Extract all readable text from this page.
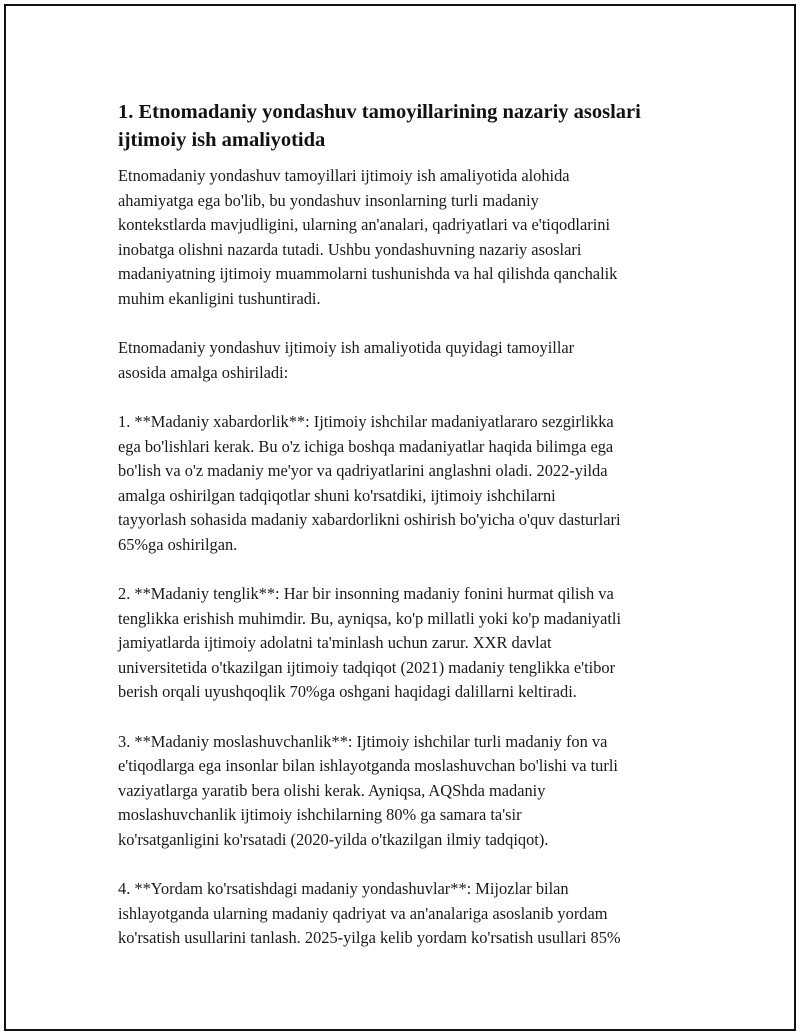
1. Etnomadaniy yondashuv tamoyillarining nazariy asoslari
ijtimoiy ish amaliyotida
Etnomadaniy yondashuv tamoyillari ijtimoiy ish amaliyotida alohida
ahamiyatga ega bo'lib, bu yondashuv insonlarning turli madaniy
kontekstlarda mavjudligini, ularning an'analari, qadriyatlari va e'tiqodlarini
inobatga olishni nazarda tutadi. Ushbu yondashuvning nazariy asoslari
madaniyatning ijtimoiy muammolarni tushunishda va hal qilishda qanchalik
muhim ekanligini tushuntiradi.
Etnomadaniy yondashuv ijtimoiy ish amaliyotida quyidagi tamoyillar
asosida amalga oshiriladi:
1. **Madaniy xabardorlik**: Ijtimoiy ishchilar madaniyatlararo sezgirlikka
ega bo'lishlari kerak. Bu o'z ichiga boshqa madaniyatlar haqida bilimga ega
bo'lish va o'z madaniy me'yor va qadriyatlarini anglashni oladi. 2022-yilda
amalga oshirilgan tadqiqotlar shuni ko'rsatdiki, ijtimoiy ishchilarni
tayyorlash sohasida madaniy xabardorlikni oshirish bo'yicha o'quv dasturlari
65%ga oshirilgan.
2. **Madaniy tenglik**: Har bir insonning madaniy fonini hurmat qilish va
tenglikka erishish muhimdir. Bu, ayniqsa, ko'p millatli yoki ko'p madaniyatli
jamiyatlarda ijtimoiy adolatni ta'minlash uchun zarur. XXR davlat
universitetida o'tkazilgan ijtimoiy tadqiqot (2021) madaniy tenglikka e'tibor
berish orqali uyushqoqlik 70%ga oshgani haqidagi dalillarni keltiradi.
3. **Madaniy moslashuvchanlik**: Ijtimoiy ishchilar turli madaniy fon va
e'tiqodlarga ega insonlar bilan ishlayotganda moslashuvchan bo'lishi va turli
vaziyatlarga yaratib bera olishi kerak. Ayniqsa, AQShda madaniy
moslashuvchanlik ijtimoiy ishchilarning 80% ga samara ta'sir
ko'rsatganligini ko'rsatadi (2020-yilda o'tkazilgan ilmiy tadqiqot).
4. **Yordam ko'rsatishdagi madaniy yondashuvlar**: Mijozlar bilan
ishlayotganda ularning madaniy qadriyat va an'analariga asoslanib yordam
ko'rsatish usullarini tanlash. 2025-yilga kelib yordam ko'rsatish usullari 85%
